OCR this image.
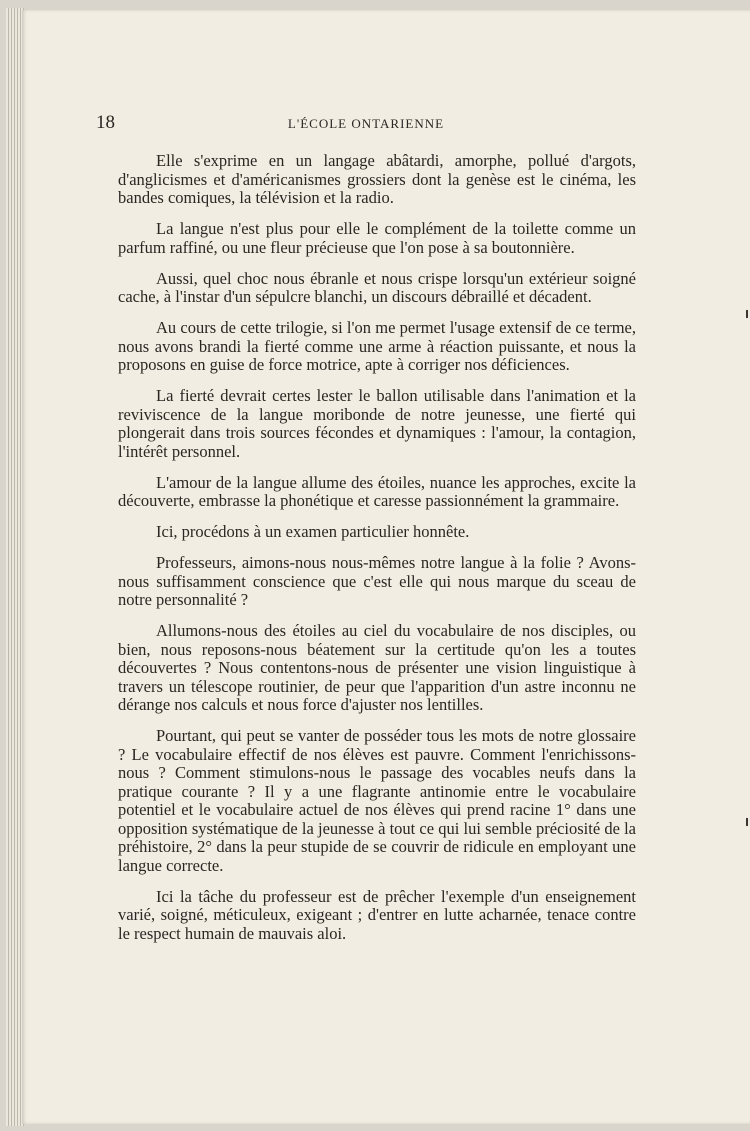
18	L'ÉCOLE ONTARIENNE

Elle s'exprime en un langage abâtardi, amorphe, pollué d'argots, d'anglicismes et d'américanismes grossiers dont la genèse est le cinéma, les bandes comiques, la télévision et la radio.

La langue n'est plus pour elle le complément de la toilette comme un parfum raffiné, ou une fleur précieuse que l'on pose à sa boutonnière.

Aussi, quel choc nous ébranle et nous crispe lorsqu'un extérieur soigné cache, à l'instar d'un sépulcre blanchi, un discours débraillé et décadent.

Au cours de cette trilogie, si l'on me permet l'usage extensif de ce terme, nous avons brandi la fierté comme une arme à réaction puissante, et nous la proposons en guise de force motrice, apte à corriger nos déficiences.

La fierté devrait certes lester le ballon utilisable dans l'animation et la reviviscence de la langue moribonde de notre jeunesse, une fierté qui plongerait dans trois sources fécondes et dynamiques : l'amour, la contagion, l'intérêt personnel.

L'amour de la langue allume des étoiles, nuance les approches, excite la découverte, embrasse la phonétique et caresse passionnément la grammaire.

Ici, procédons à un examen particulier honnête.

Professeurs, aimons-nous nous-mêmes notre langue à la folie ? Avons-nous suffisamment conscience que c'est elle qui nous marque du sceau de notre personnalité ?

Allumons-nous des étoiles au ciel du vocabulaire de nos disciples, ou bien, nous reposons-nous béatement sur la certitude qu'on les a toutes découvertes ? Nous contentons-nous de présenter une vision linguistique à travers un télescope routinier, de peur que l'apparition d'un astre inconnu ne dérange nos calculs et nous force d'ajuster nos lentilles.

Pourtant, qui peut se vanter de posséder tous les mots de notre glossaire ? Le vocabulaire effectif de nos élèves est pauvre. Comment l'enrichissons-nous ? Comment stimulons-nous le passage des vocables neufs dans la pratique courante ? Il y a une flagrante antinomie entre le vocabulaire potentiel et le vocabulaire actuel de nos élèves qui prend racine 1° dans une opposition systématique de la jeunesse à tout ce qui lui semble préciosité de la préhistoire, 2° dans la peur stupide de se couvrir de ridicule en employant une langue correcte.

Ici la tâche du professeur est de prêcher l'exemple d'un enseignement varié, soigné, méticuleux, exigeant ; d'entrer en lutte acharnée, tenace contre le respect humain de mauvais aloi.
